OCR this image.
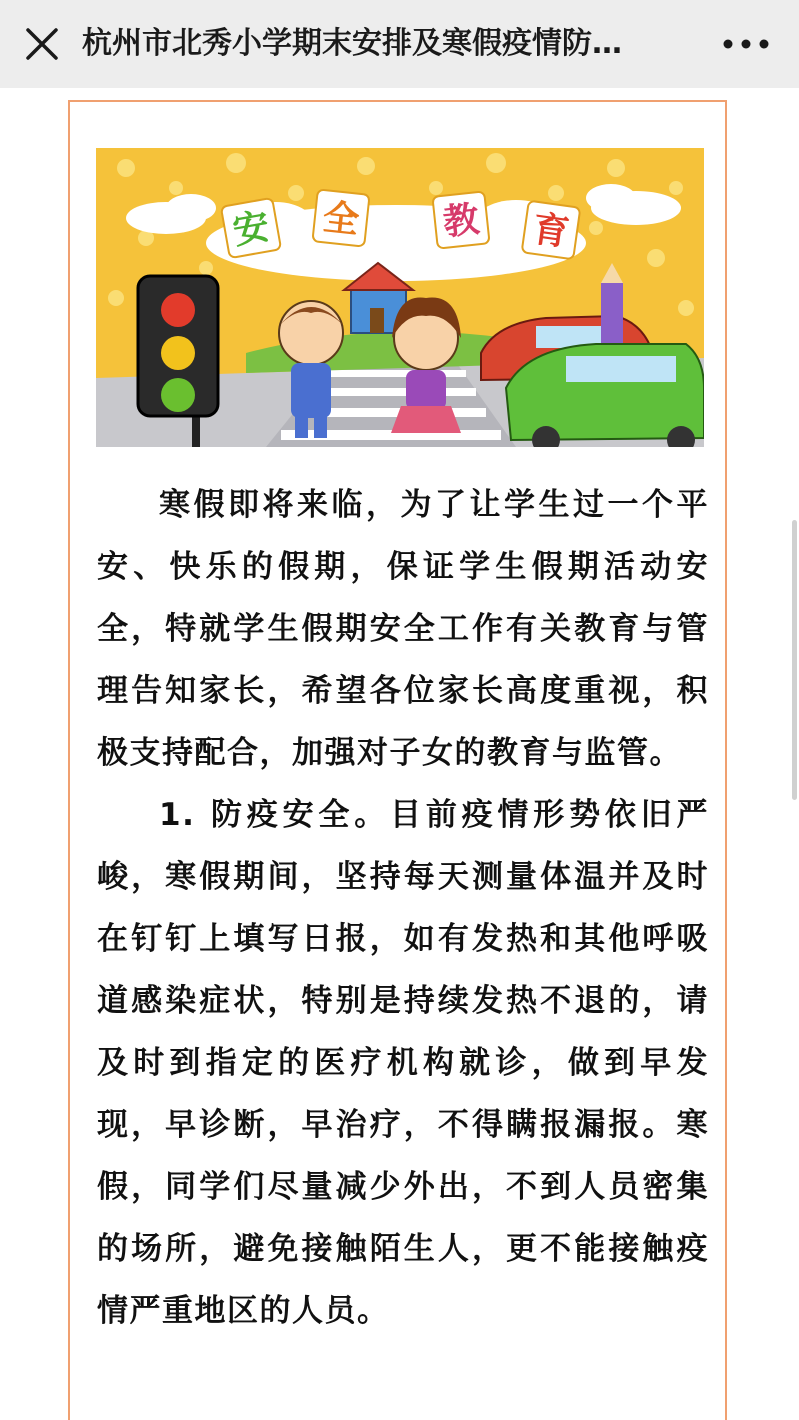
杭州市北秀小学期末安排及寒假疫情防…
安 全 教 育

寒假即将来临，为了让学生过一个平安、快乐的假期，保证学生假期活动安全，特就学生假期安全工作有关教育与管理告知家长，希望各位家长高度重视，积极支持配合，加强对子女的教育与监管。

1. 防疫安全。目前疫情形势依旧严峻，寒假期间，坚持每天测量体温并及时在钉钉上填写日报，如有发热和其他呼吸道感染症状，特别是持续发热不退的，请及时到指定的医疗机构就诊，做到早发现，早诊断，早治疗，不得瞒报漏报。寒假，同学们尽量减少外出，不到人员密集的场所，避免接触陌生人，更不能接触疫情严重地区的人员。
